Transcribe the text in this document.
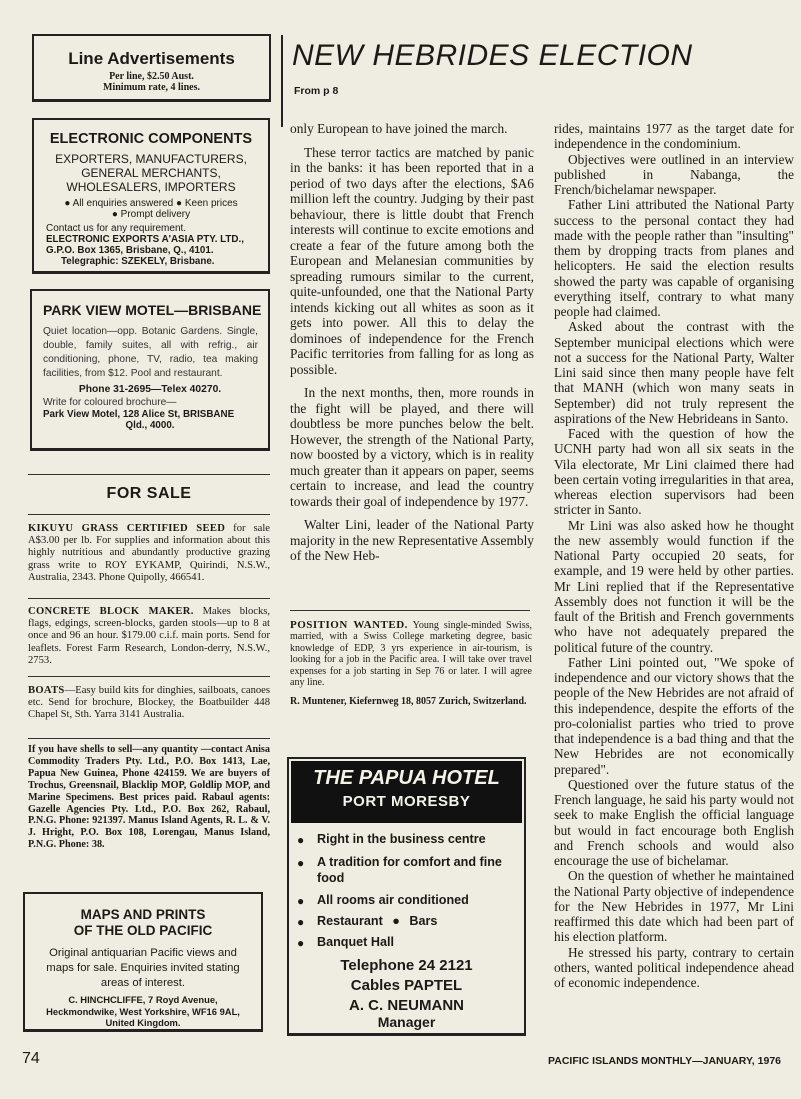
Line Advertisements
Per line, $2.50 Aust.
Minimum rate, 4 lines.
ELECTRONIC COMPONENTS
EXPORTERS, MANUFACTURERS,
GENERAL MERCHANTS,
WHOLESALERS, IMPORTERS
● All enquiries answered ● Keen prices
● Prompt delivery
Contact us for any requirement.
ELECTRONIC EXPORTS A'ASIA PTY. LTD.,
G.P.O. Box 1365, Brisbane, Q., 4101.
Telegraphic: SZEKELY, Brisbane.
PARK VIEW MOTEL—BRISBANE
Quiet location—opp. Botanic Gardens. Single, double, family suites, all with refrig., air conditioning, phone, TV, radio, tea making facilities, from $12. Pool and restaurant.
Phone 31-2695—Telex 40270.
Write for coloured brochure—
Park View Motel, 128 Alice St, BRISBANE
Qld., 4000.
FOR SALE
KIKUYU GRASS CERTIFIED SEED for sale A$3.00 per lb. For supplies and information about this highly nutritious and abundantly productive grazing grass write to ROY EYKAMP, Quirindi, N.S.W., Australia, 2343. Phone Quipolly, 466541.
CONCRETE BLOCK MAKER. Makes blocks, flags, edgings, screen-blocks, garden stools—up to 8 at once and 96 an hour. $179.00 c.i.f. main ports. Send for leaflets. Forest Farm Research, London-derry, N.S.W., 2753.
BOATS—Easy build kits for dinghies, sailboats, canoes etc. Send for brochure, Blockey, the Boatbuilder 448 Chapel St, Sth. Yarra 3141 Australia.
If you have shells to sell—any quantity —contact Anisa Commodity Traders Pty. Ltd., P.O. Box 1413, Lae, Papua New Guinea, Phone 424159. We are buyers of Trochus, Greensnail, Blacklip MOP, Goldlip MOP, and Marine Specimens. Best prices paid. Rabaul agents: Gazelle Agencies Pty. Ltd., P.O. Box 262, Rabaul, P.N.G. Phone: 921397. Manus Island Agents, R. L. & V. J. Hright, P.O. Box 108, Lorengau, Manus Island, P.N.G. Phone: 38.
MAPS AND PRINTS
OF THE OLD PACIFIC
Original antiquarian Pacific views and maps for sale. Enquiries invited stating areas of interest.
C. HINCHCLIFFE, 7 Royd Avenue, Heckmondwike, West Yorkshire, WF16 9AL, United Kingdom.
NEW HEBRIDES ELECTION
From p 8

only European to have joined the march.

These terror tactics are matched by panic in the banks: it has been reported that in a period of two days after the elections, $A6 million left the country. Judging by their past behaviour, there is little doubt that French interests will continue to excite emotions and create a fear of the future among both the European and Melanesian communities by spreading rumours similar to the current, quite-unfounded, one that the National Party intends kicking out all whites as soon as it gets into power. All this to delay the dominoes of independence for the French Pacific territories from falling for as long as possible.

In the next months, then, more rounds in the fight will be played, and there will doubtless be more punches below the belt. However, the strength of the National Party, now boosted by a victory, which is in reality much greater than it appears on paper, seems certain to increase, and lead the country towards their goal of independence by 1977.

Walter Lini, leader of the National Party majority in the new Representative Assembly of the New Heb-

rides, maintains 1977 as the target date for independence in the condominium.

Objectives were outlined in an interview published in Nabanga, the French/bichelamar newspaper.

Father Lini attributed the National Party success to the personal contact they had made with the people rather than "insulting" them by dropping tracts from planes and helicopters. He said the election results showed the party was capable of organising everything itself, contrary to what many people had claimed.

Asked about the contrast with the September municipal elections which were not a success for the National Party, Walter Lini said since then many people have felt that MANH (which won many seats in September) did not truly represent the aspirations of the New Hebrideans in Santo.

Faced with the question of how the UCNH party had won all six seats in the Vila electorate, Mr Lini claimed there had been certain voting irregularities in that area, whereas election supervisors had been stricter in Santo.

Mr Lini was also asked how he thought the new assembly would function if the National Party occupied 20 seats, for example, and 19 were held by other parties. Mr Lini replied that if the Representative Assembly does not function it will be the fault of the British and French governments who have not adequately prepared the political future of the country.

Father Lini pointed out, "We spoke of independence and our victory shows that the people of the New Hebrides are not afraid of this independence, despite the efforts of the pro-colonialist parties who tried to prove that independence is a bad thing and that the New Hebrides are not economically prepared".

Questioned over the future status of the French language, he said his party would not seek to make English the official language but would in fact encourage both English and French schools and would also encourage the use of bichelamar.

On the question of whether he maintained the National Party objective of independence for the New Hebrides in 1977, Mr Lini reaffirmed this date which had been part of his election platform.

He stressed his party, contrary to certain others, wanted political independence ahead of economic independence.

POSITION WANTED. Young single-minded Swiss, married, with a Swiss College marketing degree, basic knowledge of EDP, 3 yrs experience in air-tourism, is looking for a job in the Pacific area. I will take over travel expenses for a job starting in Sep 76 or later. I will agree any line.
R. Muntener, Kiefernweg 18, 8057 Zurich, Switzerland.
THE PAPUA HOTEL
PORT MORESBY
● Right in the business centre
● A tradition for comfort and fine food
● All rooms air conditioned
● Restaurant ● Bars
● Banquet Hall
Telephone 24 2121
Cables PAPTEL
A. C. NEUMANN
Manager
74	PACIFIC ISLANDS MONTHLY—JANUARY, 1976
